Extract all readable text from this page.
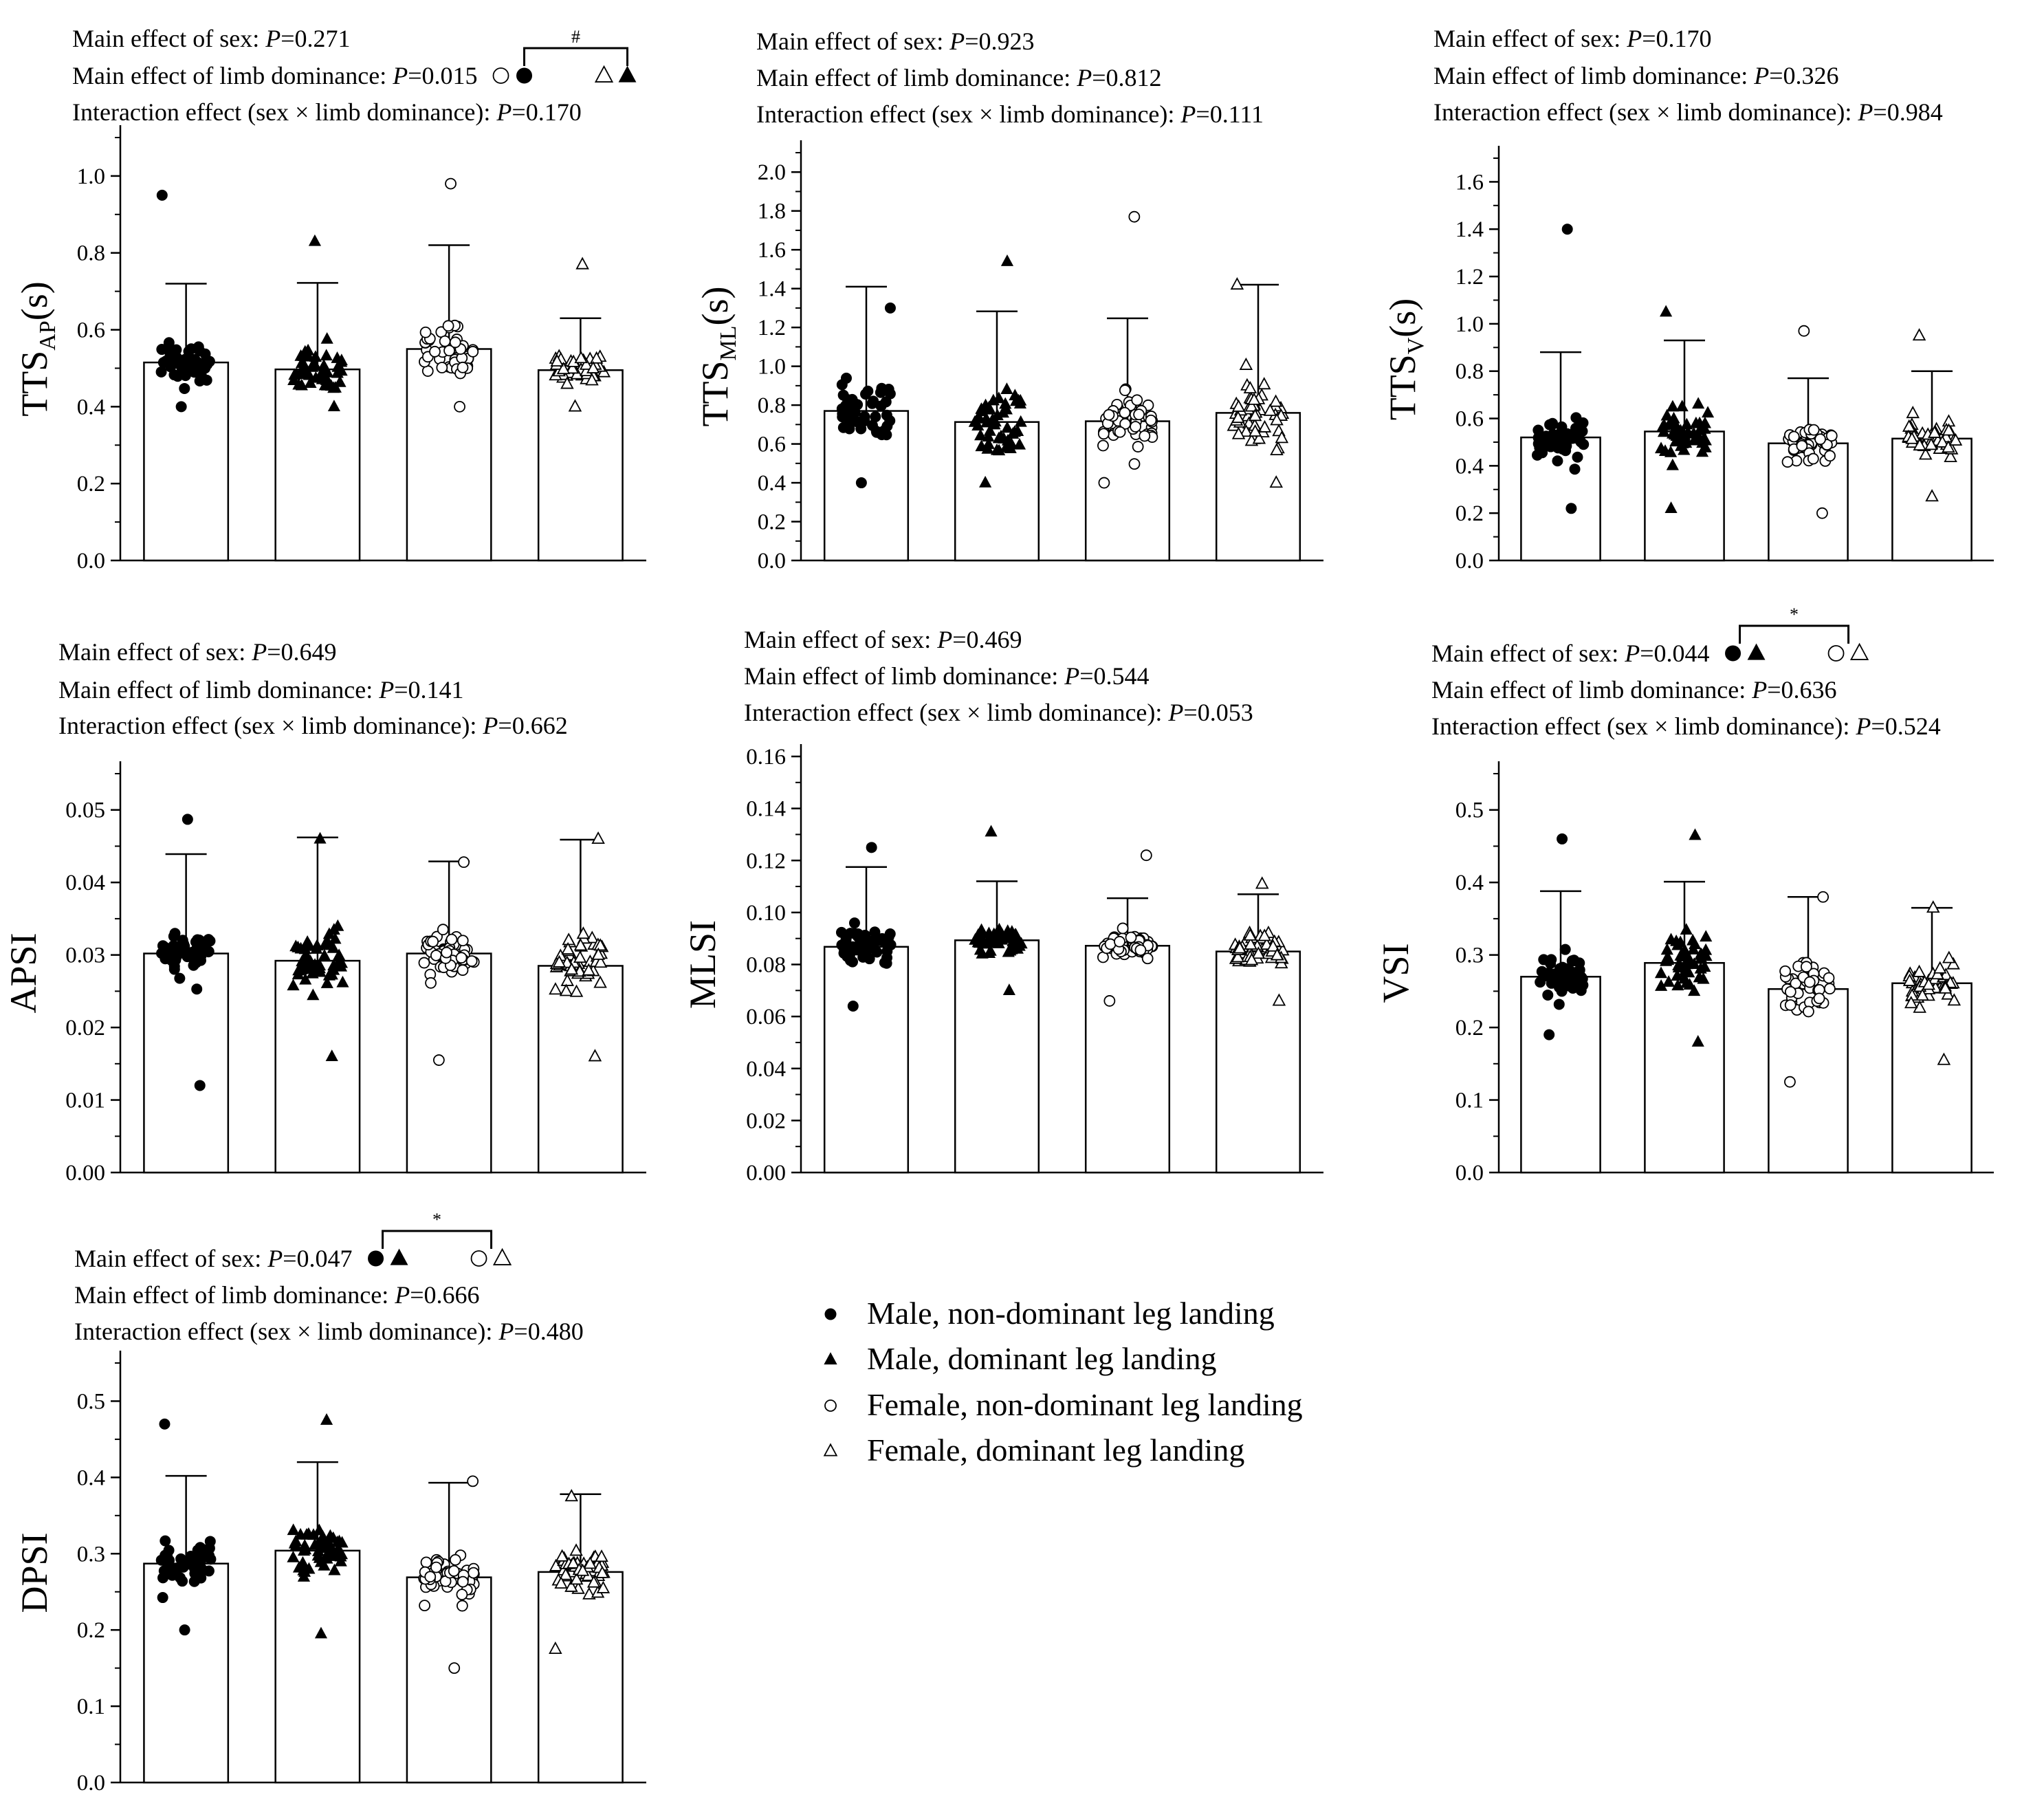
Main effect of sex: P=0.271
Main effect of limb dominance: P=0.015
Interaction effect (sex × limb dominance): P=0.170
0.0
0.2
0.4
0.6
0.8
1.0
$TTS_{AP}(s)$
#	Main effect of sex: P=0.923
Main effect of limb dominance: P=0.812
Interaction effect (sex × limb dominance): P=0.111
0.0
0.2
0.4
0.6
0.8
1.0
1.2
1.4
1.6
1.8
2.0
$TTS_{ML}(s)$
Main effect of sex: P=0.170
Main effect of limb dominance: P=0.326
Interaction effect (sex × limb dominance): P=0.984
0.0
0.2
0.4
0.6
0.8
1.0
1.2
1.4
1.6
$TTS_V(s)$
Main effect of sex: P=0.649
Main effect of limb dominance: P=0.141
Interaction effect (sex × limb dominance): P=0.662
0.00
0.01
0.02
0.03
0.04
0.05
APSI
Main effect of sex: P=0.469
Main effect of limb dominance: P=0.544
Interaction effect (sex × limb dominance): P=0.053
0.00
0.02
0.04
0.06
0.08
0.10
0.12
0.14
0.16
MLSI
Main effect of sex: P=0.044
Main effect of limb dominance: P=0.636
Interaction effect (sex × limb dominance): P=0.524
0.0
0.1
0.2
0.3
0.4
0.5
VSI
*
Main effect of sex: P=0.047
Main effect of limb dominance: P=0.666
Interaction effect (sex × limb dominance): P=0.480
0.0
0.1
0.2
0.3
0.4
0.5
DPSI
*
Male, non-dominant leg landing
Male, dominant leg landing
Female, non-dominant leg landing
Female, dominant leg landing
